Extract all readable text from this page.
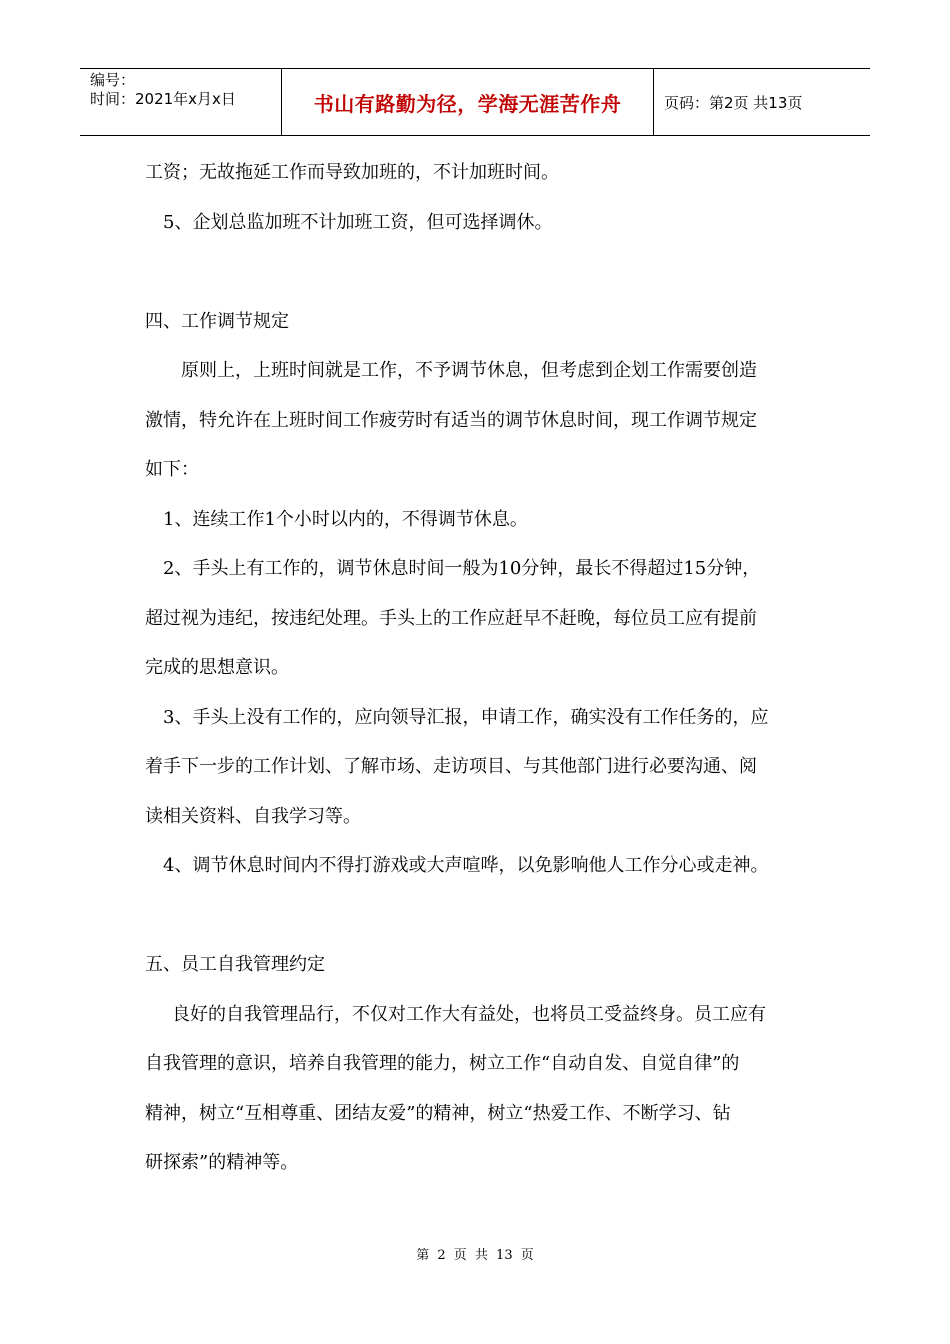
编号：
时间：2021年x月x日	书山有路勤为径，学海无涯苦作舟	页码：第2页 共13页

工资；无故拖延工作而导致加班的，不计加班时间。

5、企划总监加班不计加班工资，但可选择调休。

四、工作调节规定

原则上，上班时间就是工作，不予调节休息，但考虑到企划工作需要创造

激情，特允许在上班时间工作疲劳时有适当的调节休息时间，现工作调节规定

如下：

1、连续工作1个小时以内的，不得调节休息。

2、手头上有工作的，调节休息时间一般为10分钟，最长不得超过15分钟，

超过视为违纪，按违纪处理。手头上的工作应赶早不赶晚，每位员工应有提前

完成的思想意识。

3、手头上没有工作的，应向领导汇报，申请工作，确实没有工作任务的，应

着手下一步的工作计划、了解市场、走访项目、与其他部门进行必要沟通、阅

读相关资料、自我学习等。

4、调节休息时间内不得打游戏或大声喧哗，以免影响他人工作分心或走神。

五、员工自我管理约定

良好的自我管理品行，不仅对工作大有益处，也将员工受益终身。员工应有

自我管理的意识，培养自我管理的能力，树立工作“自动自发、自觉自律”的

精神，树立“互相尊重、团结友爱”的精神，树立“热爱工作、不断学习、钻

研探索”的精神等。

第 2 页 共 13 页
